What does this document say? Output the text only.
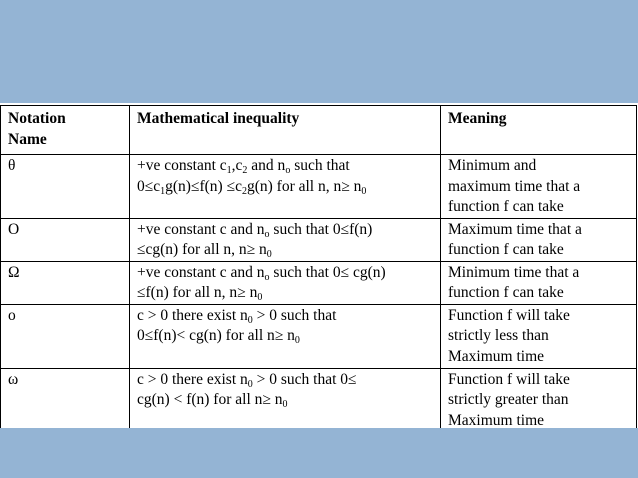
Notation
Name	Mathematical inequality	Meaning

θ	+ve constant $c_1,c_2$ and $n_o$ such that
$0\le c_1g(n)\le f(n) \le c_2g(n)$ for all n, $n\ge n_0$	Minimum and
maximum time that a
function f can take

O	+ve constant c and $n_o$ such that 0≤f(n)
≤cg(n) for all n, $n\ge n_0$	Maximum time that a
function f can take

Ω	+ve constant c and $n_o$ such that 0≤ cg(n)
≤f(n) for all n, $n\ge n_0$	Minimum time that a
function f can take

o	c > 0 there exist $n_0 > 0$ such that
0≤f(n)< cg(n) for all $n\ge n_0$	Function f will take
strictly less than
Maximum time

ω	c > 0 there exist $n_0 > 0$ such that 0≤
cg(n) < f(n) for all $n\ge n_0$	Function f will take
strictly greater than
Maximum time
